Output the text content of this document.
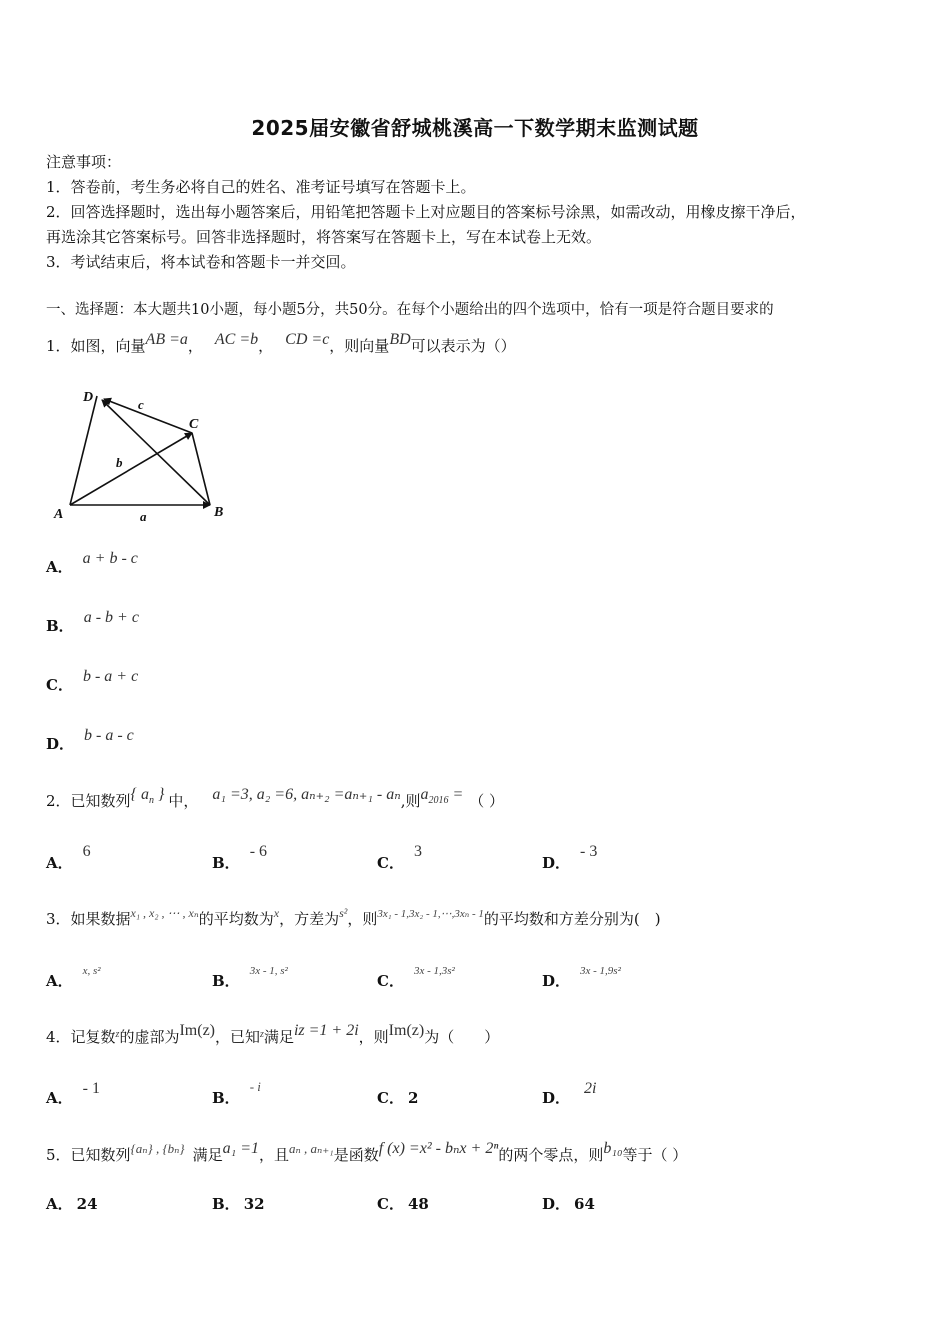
2025届安徽省舒城桃溪高一下数学期末监测试题
注意事项：
1．答卷前，考生务必将自己的姓名、准考证号填写在答题卡上。
2．回答选择题时，选出每小题答案后，用铅笔把答题卡上对应题目的答案标号涂黑，如需改动，用橡皮擦干净后，
再选涂其它答案标号。回答非选择题时，将答案写在答题卡上，写在本试卷上无效。
3．考试结束后，将本试卷和答题卡一并交回。
一、选择题：本大题共10小题，每小题5分，共50分。在每个小题给出的四个选项中，恰有一项是符合题目要求的
1．如图，向量AB =a， AC =b， CD =c，则向量BD可以表示为（）
D
C
A	B
a
b
c
A． a + b - c
B． a - b + c
C． b - a + c
D． b - a - c
2．已知数列{ $a_n$ } 中， a₁ =3, a₂ =6, aₙ₊₂ =aₙ₊₁ - aₙ,则$a_{2016}$ = （ ）
A．6
B．- 6
C．3
D．- 3
3．如果数据$^{x_1 , x_2 , \cdots , x_n}$的平均数为$^x$，方差为$^{s^2}$，则$^{3x_1 - 1,3x_2 - 1,\cdots,3x_n - 1}$的平均数和方差分别为(　)
A．$^{x, s^2}$
B．$^{3x - 1, s^2}$
C．$^{3x - 1,3s^2}$
D．$^{3x - 1,9s^2}$
4．记复数$^z$的虚部为Im(z)，已知$^z$满足iz =1 + 2i，则Im(z)为（　　）
A．- 1
B．$^{- i}$
C． 2	D．2i
5．已知数列{aₙ} , {bₙ} 满足a₁ =1，且aₙ , aₙ₊₁是函数f (x) =x² - bₙx + 2ⁿ的两个零点，则b₁₀等于（ ）
A． 24	B． 32	C． 48	D． 64
